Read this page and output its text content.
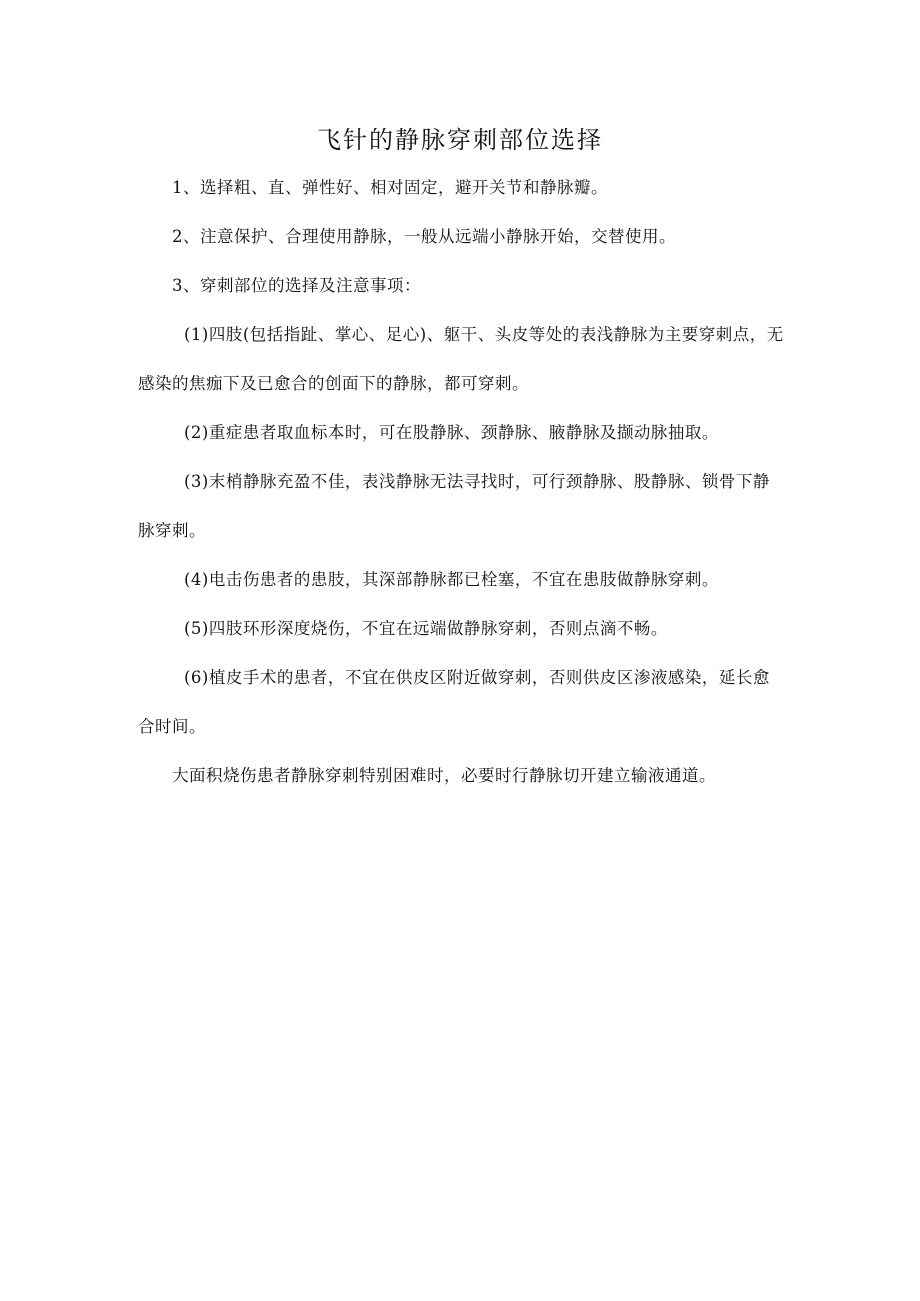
飞针的静脉穿刺部位选择

1、选择粗、直、弹性好、相对固定，避开关节和静脉瓣。

2、注意保护、合理使用静脉，一般从远端小静脉开始，交替使用。

3、穿刺部位的选择及注意事项：

(1)四肢(包括指趾、掌心、足心)、躯干、头皮等处的表浅静脉为主要穿刺点，无感染的焦痂下及已愈合的创面下的静脉，都可穿刺。

(2)重症患者取血标本时，可在股静脉、颈静脉、腋静脉及撷动脉抽取。

(3)末梢静脉充盈不佳，表浅静脉无法寻找时，可行颈静脉、股静脉、锁骨下静脉穿刺。

(4)电击伤患者的患肢，其深部静脉都已栓塞，不宜在患肢做静脉穿刺。

(5)四肢环形深度烧伤，不宜在远端做静脉穿刺，否则点滴不畅。

(6)植皮手术的患者，不宜在供皮区附近做穿刺，否则供皮区渗液感染，延长愈合时间。

大面积烧伤患者静脉穿刺特别困难时，必要时行静脉切开建立输液通道。
